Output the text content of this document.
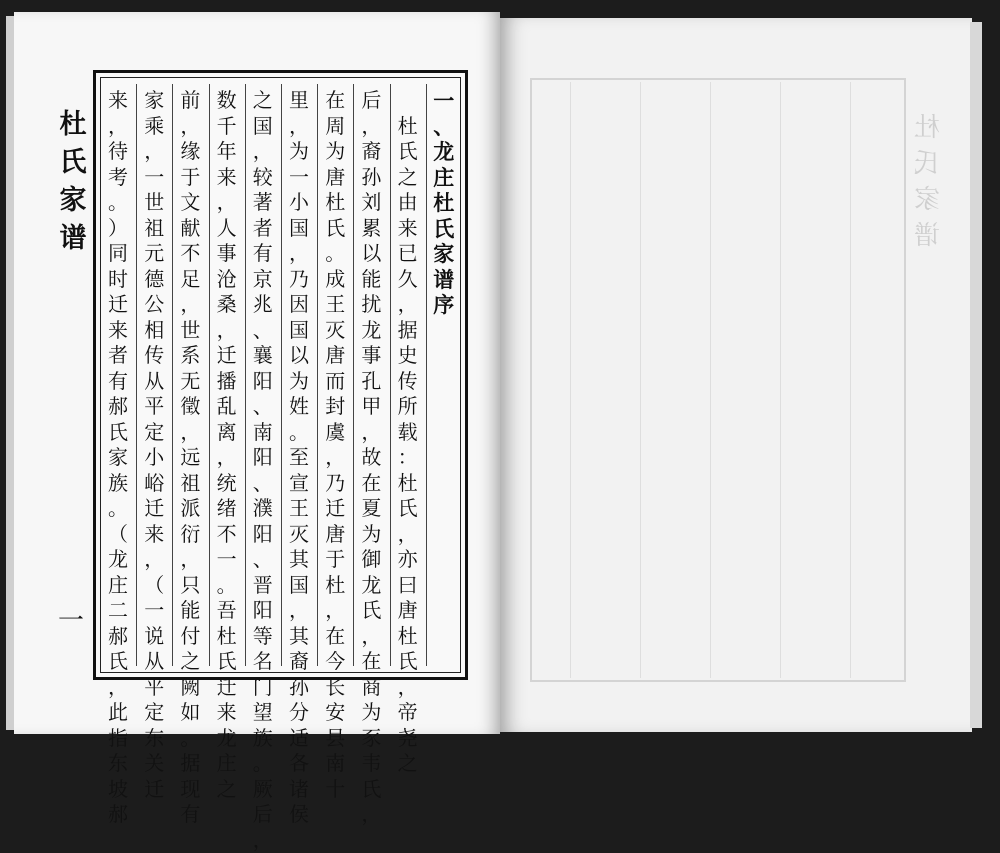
杜
氏
家
谱
杜
氏
家
谱
一
一
、
龙
庄
杜
氏
家
谱
序

杜
氏
之
由
来
已
久
，
据
史
传
所
载
：
杜
氏
，
亦
曰
唐
杜
氏
，
帝
尧
之
后
，
裔
孙
刘
累
以
能
扰
龙
事
孔
甲
，
故
在
夏
为
御
龙
氏
，
在
商
为
豕
韦
氏
，
在
周
为
唐
杜
氏
。
成
王
灭
唐
而
封
虞
，
乃
迁
唐
于
杜
，
在
今
长
安
县
南
十
里
，
为
一
小
国
，
乃
因
国
以
为
姓
。
至
宣
王
灭
其
国
，
其
裔
孙
分
适
各
诸
侯
之
国
，
较
著
者
有
京
兆
、
襄
阳
、
南
阳
、
濮
阳
、
晋
阳
等
名
门
望
族
。
厥
后
，
数
千
年
来
，
人
事
沧
桑
，
迁
播
乱
离
，
统
绪
不
一
。
吾
杜
氏
迁
来
龙
庄
之
前
，
缘
于
文
献
不
足
，
世
系
无
徵
，
远
祖
派
衍
，
只
能
付
之
阙
如
。
据
现
有
家
乘
，
一
世
祖
元
德
公
相
传
从
平
定
小
峪
迁
来
，
（
一
说
从
平
定
东
关
迁
来
，
待
考
。
）
同
时
迁
来
者
有
郝
氏
家
族
。
（
龙
庄
二
郝
氏
，
此
指
东
坡
郝
